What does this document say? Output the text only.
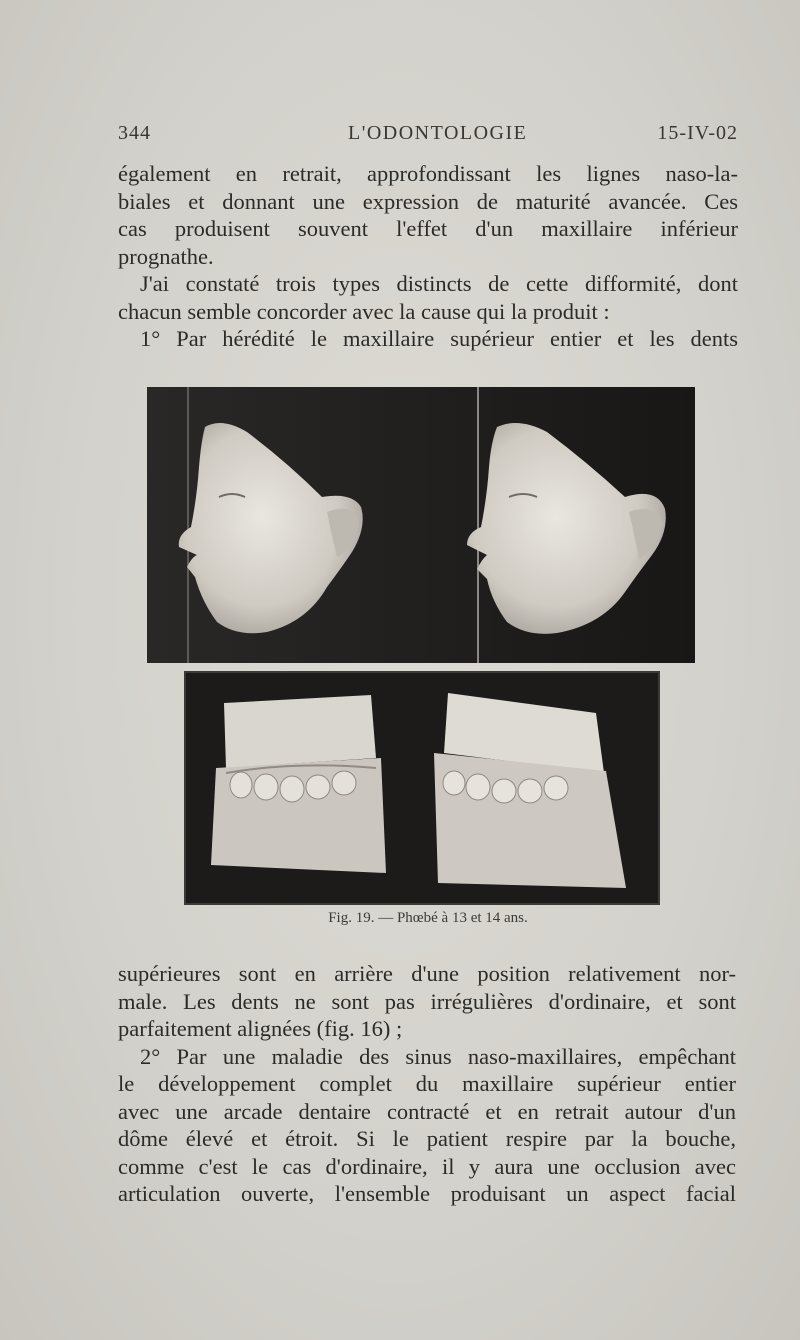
344	L'ODONTOLOGIE	15-IV-02
également en retrait, approfondissant les lignes naso-la-
biales et donnant une expression de maturité avancée. Ces
cas produisent souvent l'effet d'un maxillaire inférieur
prognathe.
J'ai constaté trois types distincts de cette difformité, dont
chacun semble concorder avec la cause qui la produit :
1° Par hérédité le maxillaire supérieur entier et les dents
Fig. 19. — Phœbé à 13 et 14 ans.
supérieures sont en arrière d'une position relativement nor-
male. Les dents ne sont pas irrégulières d'ordinaire, et sont
parfaitement alignées (fig. 16) ;
2° Par une maladie des sinus naso-maxillaires, empêchant
le développement complet du maxillaire supérieur entier
avec une arcade dentaire contracté et en retrait autour d'un
dôme élevé et étroit. Si le patient respire par la bouche,
comme c'est le cas d'ordinaire, il y aura une occlusion avec
articulation ouverte, l'ensemble produisant un aspect facial
